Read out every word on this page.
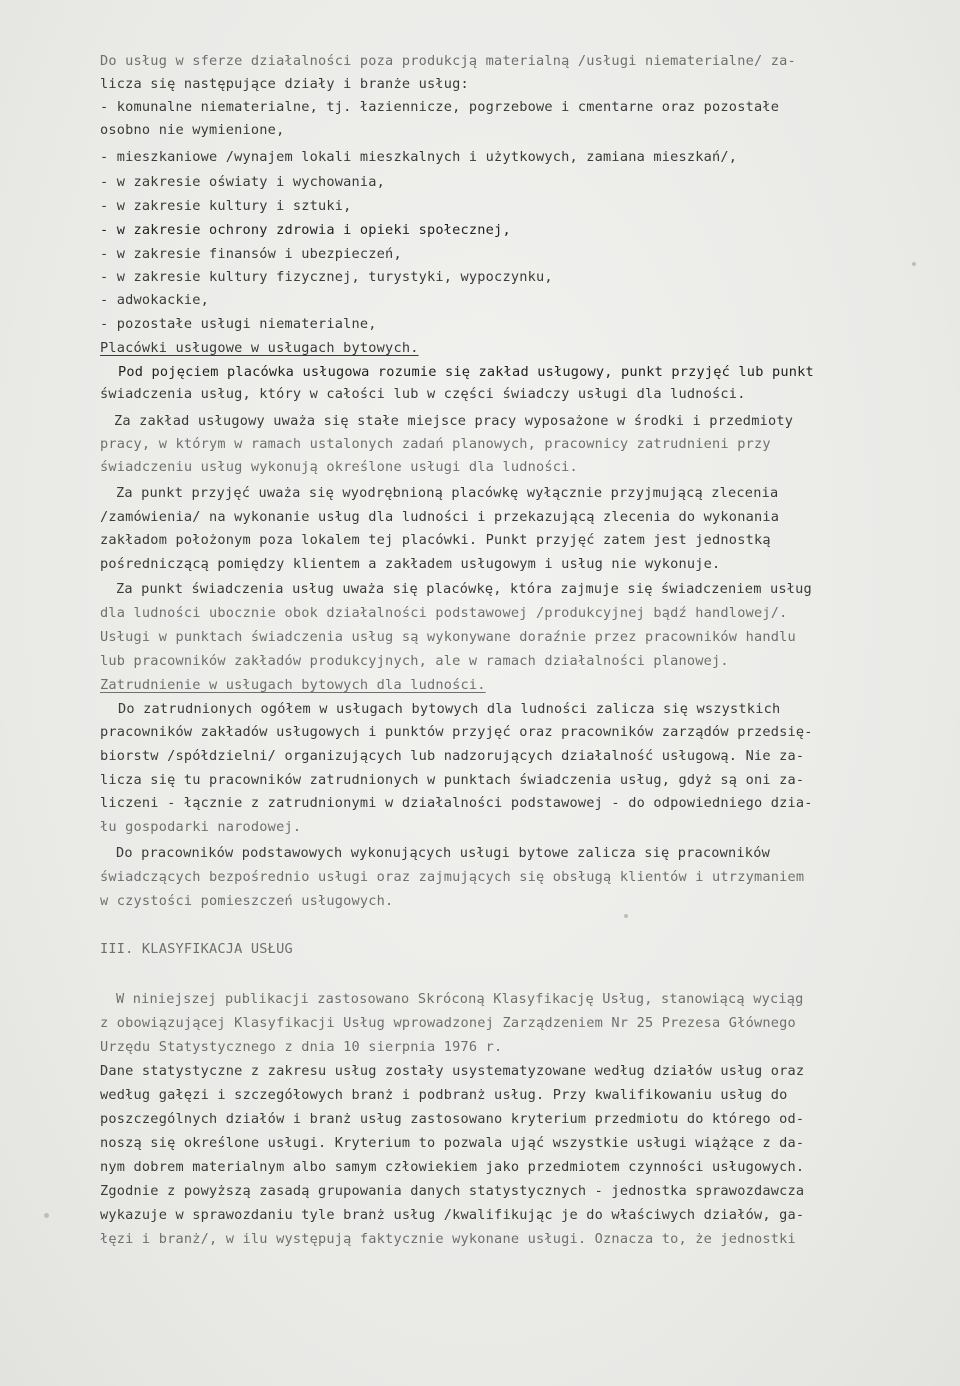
Do usług w sferze działalności poza produkcją materialną /usługi niematerialne/ za-
licza się następujące działy i branże usług:
- komunalne niematerialne, tj. łazienniczе, pogrzebowe i cmentarne oraz pozostałe
osobno nie wymienione,
- mieszkaniowe /wynajem lokali mieszkalnych i użytkowych, zamiana mieszkań/,
- w zakresie oświaty i wychowania,
- w zakresie kultury i sztuki,
- w zakresie ochrony zdrowia i opieki społecznej,
- w zakresie finansów i ubezpieczeń,
- w zakresie kultury fizycznej, turystyki, wypoczynku,
- adwokackie,
- pozostałe usługi niematerialne,
Placówki usługowe w usługach bytowych.
Pod pojęciem placówka usługowa rozumie się zakład usługowy, punkt przyjęć lub punkt
świadczenia usług, który w całości lub w części świadczy usługi dla ludności.
Za zakład usługowy uważa się stałe miejsce pracy wyposażone w środki i przedmioty
pracy, w którym w ramach ustalonych zadań planowych, pracownicy zatrudnieni przy
świadczeniu usług wykonują określone usługi dla ludności.
Za punkt przyjęć uważa się wyodrębnioną placówkę wyłącznie przyjmującą zlecenia
/zamówienia/ na wykonanie usług dla ludności i przekazującą zlecenia do wykonania
zakładom położonym poza lokalem tej placówki. Punkt przyjęć zatem jest jednostką
pośredniczącą pomiędzy klientem a zakładem usługowym i usług nie wykonuje.
Za punkt świadczenia usług uważa się placówkę, która zajmuje się świadczeniem usług
dla ludności ubocznie obok działalności podstawowej /produkcyjnej bądź handlowej/.
Usługi w punktach świadczenia usług są wykonywane doraźnie przez pracowników handlu
lub pracowników zakładów produkcyjnych, ale w ramach działalności planowej.
Zatrudnienie w usługach bytowych dla ludności.
Do zatrudnionych ogółem w usługach bytowych dla ludności zalicza się wszystkich
pracowników zakładów usługowych i punktów przyjęć oraz pracowników zarządów przedsię-
biorstw /spółdzielni/ organizujących lub nadzorujących działalność usługową. Nie za-
licza się tu pracowników zatrudnionych w punktach świadczenia usług, gdyż są oni za-
liczeni - łącznie z zatrudnionymi w działalności podstawowej - do odpowiedniego dzia-
łu gospodarki narodowej.
Do pracowników podstawowych wykonujących usługi bytowe zalicza się pracowników
świadczących bezpośrednio usługi oraz zajmujących się obsługą klientów i utrzymaniem
w czystości pomieszczeń usługowych.
III. KLASYFIKACJA USŁUG
W niniejszej publikacji zastosowano Skróconą Klasyfikację Usług, stanowiącą wyciąg
z obowiązującej Klasyfikacji Usług wprowadzonej Zarządzeniem Nr 25 Prezesa Głównego
Urzędu Statystycznego z dnia 10 sierpnia 1976 r.
Dane statystyczne z zakresu usług zostały usystematyzowane według działów usług oraz
według gałęzi i szczegółowych branż i podbranż usług. Przy kwalifikowaniu usług do
poszczególnych działów i branż usług zastosowano kryterium przedmiotu do którego od-
noszą się określone usługi. Kryterium to pozwala ująć wszystkie usługi wiążące z da-
nym dobrem materialnym albo samym człowiekiem jako przedmiotem czynności usługowych.
Zgodnie z powyższą zasadą grupowania danych statystycznych - jednostka sprawozdawcza
wykazuje w sprawozdaniu tyle branż usług /kwalifikując je do właściwych działów, ga-
łęzi i branż/, w ilu występują faktycznie wykonane usługi. Oznacza to, że jednostki
